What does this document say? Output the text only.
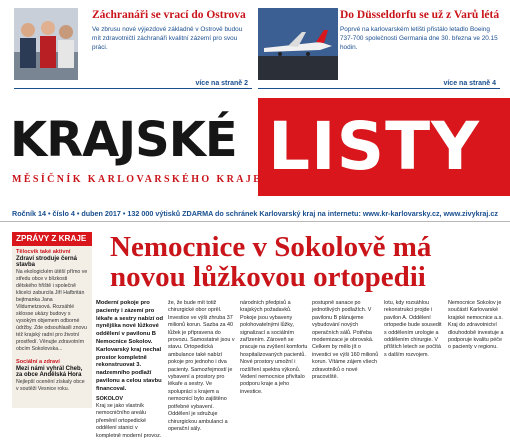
Záchranáři se vrací do Ostrova
Ve zbrusu nové výjezdové základně v Ostrově budou mít zdravotničtí záchranáři kvalitní zázemí pro svou práci.
více na straně 2
Do Düsseldorfu se už z Varů létá
Poprvé na karlovarském letišti přistálo letadlo Boeing 737-700 společnosti Germania dne 30. března ve 20.15 hodin.
více na straně 4
KRAJSKÉ LISTY
MĚSÍČNÍK KARLOVARSKÉHO KRAJE
Ročník 14 • číslo 4 • duben 2017 • 132 000 výtisků ZDARMA do schránek Karlovarský kraj na internetu: www.kr-karlovarsky.cz, www.zivykraj.cz
ZPRÁVY Z KRAJE
Tělocvik také aktivní
Zdraví stroduje černá stavba
Na ekologickém útěší přímo ve středu obce v blízkosti dětského hřiště i společně klicelci zaburcila Jiří Hafbritán bejtmanka Jana Vildumetzsová. Rozsáhlé sklosse ukázy budovy s vysokým objemem odborné údržby. Zde odsouhlasili znovu též krajský radní pro životní prostředí. Věnujte zdravotním obcím Sokolovska...
Sociální a zdraví
Mezi námi vyhrál Cheb, za obce Andělská Hora
Nejlepší ocenění získaly obce v soutěži Vesnice roku.
Nemocnice v Sokolově má novou lůžkovou ortopedii
Moderní pokoje pro pacienty i zázemí pro lékaře a sestry nabízí od nynějška nové lůžkové oddělení v pavilonu B Nemocnice Sokolov. Karlovarský kraj nechal prostor kompletně rekonstruovat 3. nadzemního podlaží pavilonu a celou stavbu financoval.
SOKOLOV
Kraj se jako vlastník nemocničního areálu přeměnil ortopedické oddělení stanici v kompletně moderní provoz.
že, že bude mít totiž chirurgické obor oprěl. Investice ve výši zhruba 37 milionů korun. Sazba za 40 lůžek je připravena do provozu. Samostatné jsou v stavu. Ortopedická ambulance také nabízí pokoje pro jednoho i dva pacienty. Samozřejmostí je vybavení a prostory pro lékaře a sestry. Ve spolupráci s krajem a nemocnicí bylo zajištěno potřebné vybavení. Oddělení je sdružuje chirurgickou ambulanci a operační sály.
národních předpisů a krajských požadavků. Pokoje jsou vybaveny polohovatelnými lůžky, signalizací a sociálním zařízením. Zároveň se pracuje na zvýšení komfortu hospitalizovaných pacientů. Nové prostory umožní i rozšíření spektra výkonů. Vedení nemocnice přivítalo podporu kraje a jeho investice.
postupně sanace po jednotlivých podlažích. V pavilonu B plánujeme vybudování nových operačních sálů. Potřeba modernizace je obrovská. Celkem by mělo jít o investici ve výši 160 milionů korun. Vítáme zájem všech zdravotníků o nové pracoviště.
lotu, kdy rozsáhlou rekonstrukci projde i pavilon A. Oddělení ortopedie bude sousedit s oddělením urologie a oddělením chirurgie. V příštích letech se počítá s dalším rozvojem.
Nemocnice Sokolov je součástí Karlovarské krajské nemocnice a.s. Kraj do zdravotnictví dlouhodobě investuje a podporuje kvalitu péče o pacienty v regionu.
